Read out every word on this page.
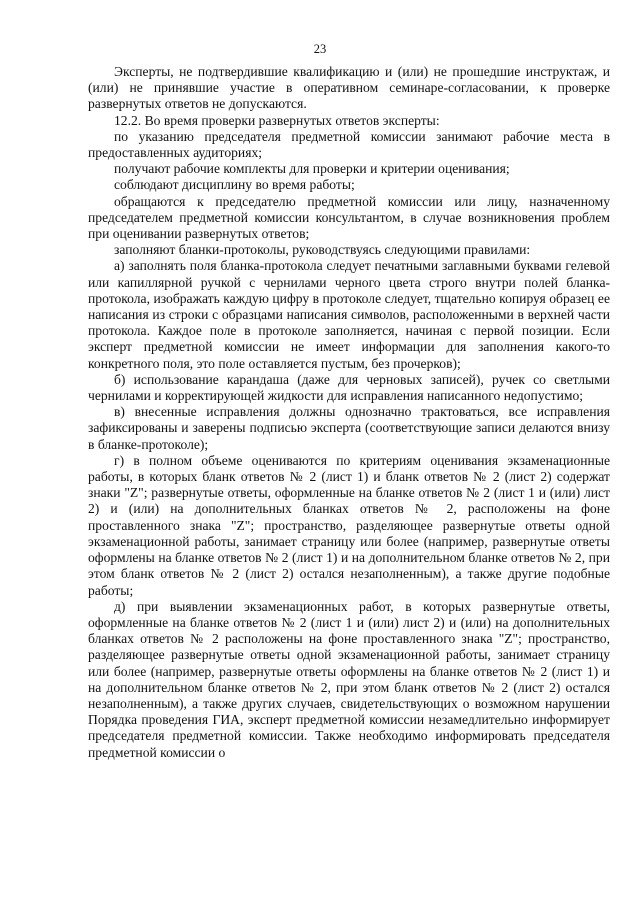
23

Эксперты, не подтвердившие квалификацию и (или) не прошедшие инструктаж, и (или) не принявшие участие в оперативном семинаре-согласовании, к проверке развернутых ответов не допускаются.

12.2. Во время проверки развернутых ответов эксперты:

по указанию председателя предметной комиссии занимают рабочие места в предоставленных аудиториях;

получают рабочие комплекты для проверки и критерии оценивания;

соблюдают дисциплину во время работы;

обращаются к председателю предметной комиссии или лицу, назначенному председателем предметной комиссии консультантом, в случае возникновения проблем при оценивании развернутых ответов;

заполняют бланки-протоколы, руководствуясь следующими правилами:

а) заполнять поля бланка-протокола следует печатными заглавными буквами гелевой или капиллярной ручкой с чернилами черного цвета строго внутри полей бланка-протокола, изображать каждую цифру в протоколе следует, тщательно копируя образец ее написания из строки с образцами написания символов, расположенными в верхней части протокола. Каждое поле в протоколе заполняется, начиная с первой позиции. Если эксперт предметной комиссии не имеет информации для заполнения какого-то конкретного поля, это поле оставляется пустым, без прочерков);

б) использование карандаша (даже для черновых записей), ручек со светлыми чернилами и корректирующей жидкости для исправления написанного недопустимо;

в) внесенные исправления должны однозначно трактоваться, все исправления зафиксированы и заверены подписью эксперта (соответствующие записи делаются внизу в бланке-протоколе);

г) в полном объеме оцениваются по критериям оценивания экзаменационные работы, в которых бланк ответов № 2 (лист 1) и бланк ответов № 2 (лист 2) содержат знаки "Z"; развернутые ответы, оформленные на бланке ответов № 2 (лист 1 и (или) лист 2) и (или) на дополнительных бланках ответов № 2, расположены на фоне проставленного знака "Z"; пространство, разделяющее развернутые ответы одной экзаменационной работы, занимает страницу или более (например, развернутые ответы оформлены на бланке ответов № 2 (лист 1) и на дополнительном бланке ответов № 2, при этом бланк ответов № 2 (лист 2) остался незаполненным), а также другие подобные работы;

д) при выявлении экзаменационных работ, в которых развернутые ответы, оформленные на бланке ответов № 2 (лист 1 и (или) лист 2) и (или) на дополнительных бланках ответов № 2 расположены на фоне проставленного знака "Z"; пространство, разделяющее развернутые ответы одной экзаменационной работы, занимает страницу или более (например, развернутые ответы оформлены на бланке ответов № 2 (лист 1) и на дополнительном бланке ответов № 2, при этом бланк ответов № 2 (лист 2) остался незаполненным), а также других случаев, свидетельствующих о возможном нарушении Порядка проведения ГИА, эксперт предметной комиссии незамедлительно информирует председателя предметной комиссии. Также необходимо информировать председателя предметной комиссии о
